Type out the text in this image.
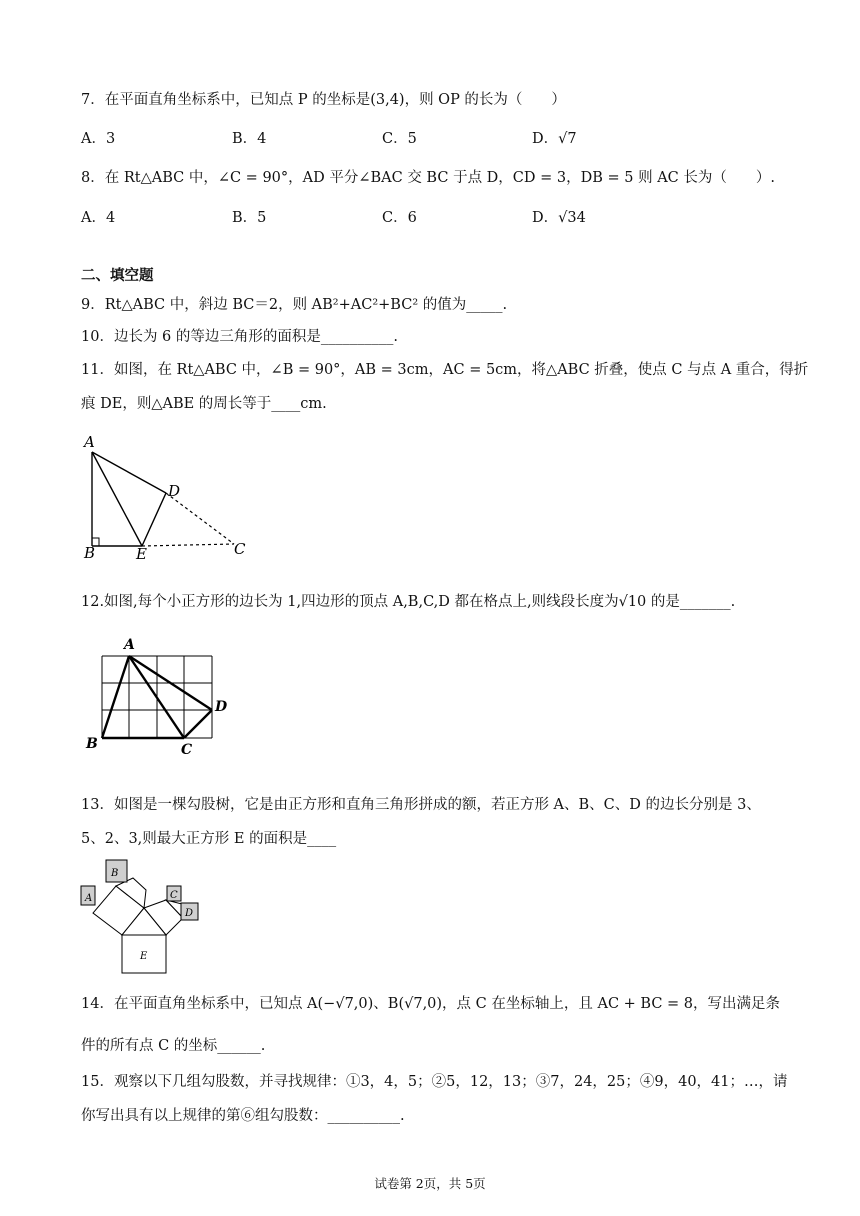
7．在平面直角坐标系中，已知点 P 的坐标是(3,4)，则 OP 的长为（　　）
A．3	B．4	C．5	D．√7
8．在 Rt△ABC 中，∠C = 90°，AD 平分∠BAC 交 BC 于点 D，CD = 3，DB = 5 则 AC 长为（　　）.
A．4	B．5	C．6	D．√34
二、填空题
9．Rt△ABC 中，斜边 BC＝2，则 AB²+AC²+BC² 的值为_____.
10．边长为 6 的等边三角形的面积是__________.
11．如图，在 Rt△ABC 中，∠B = 90°，AB = 3cm，AC = 5cm，将△ABC 折叠，使点 C 与点 A 重合，得折
痕 DE，则△ABE 的周长等于____cm.
A
B	E
D
C
12.如图,每个小正方形的边长为 1,四边形的顶点 A,B,C,D 都在格点上,则线段长度为√10 的是_______.
A
B	C
D
13．如图是一棵勾股树，它是由正方形和直角三角形拼成的额，若正方形 A、B、C、D 的边长分别是 3、
5、2、3,则最大正方形 E 的面积是____
A
B
C
D
E
14．在平面直角坐标系中，已知点 A(−√7,0)、B(√7,0)，点 C 在坐标轴上，且 AC + BC = 8，写出满足条
件的所有点 C 的坐标______.
15．观察以下几组勾股数，并寻找规律：①3，4，5；②5，12，13；③7，24，25；④9，40，41；…，请
你写出具有以上规律的第⑥组勾股数：__________.
试卷第 2页，共 5页
